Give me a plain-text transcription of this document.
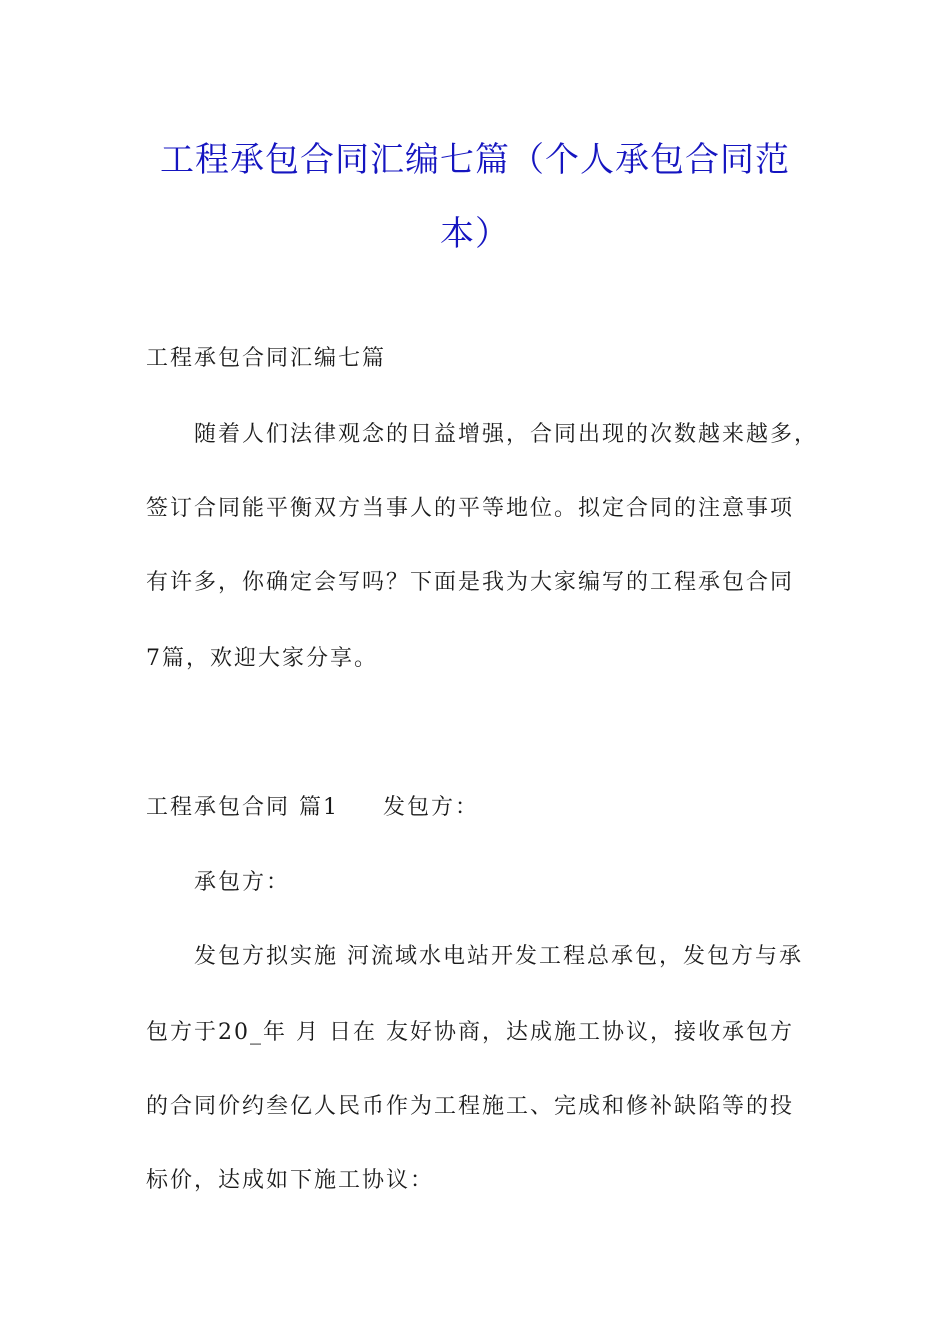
工程承包合同汇编七篇（个人承包合同范
本）

工程承包合同汇编七篇

随着人们法律观念的日益增强，合同出现的次数越来越多，

签订合同能平衡双方当事人的平等地位。拟定合同的注意事项

有许多，你确定会写吗？下面是我为大家编写的工程承包合同

7篇，欢迎大家分享。

工程承包合同 篇1 发包方：

承包方：

发包方拟实施 河流域水电站开发工程总承包，发包方与承

包方于20_年 月 日在 友好协商，达成施工协议，接收承包方

的合同价约叁亿人民币作为工程施工、完成和修补缺陷等的投

标价，达成如下施工协议：
